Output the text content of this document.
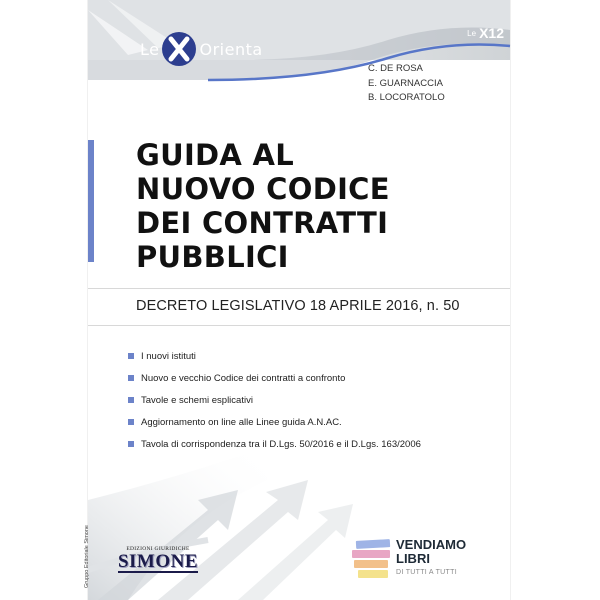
Le	Orienta
Le X12
C. DE ROSA
E. GUARNACCIA
B. LOCORATOLO
GUIDA AL
NUOVO CODICE
DEI CONTRATTI
PUBBLICI
DECRETO LEGISLATIVO 18 APRILE 2016, n. 50
I nuovi istituti
Nuovo e vecchio Codice dei contratti a confronto
Tavole e schemi esplicativi
Aggiornamento on line alle Linee guida A.N.AC.
Tavola di corrispondenza tra il D.Lgs. 50/2016 e il D.Lgs. 163/2006
Gruppo Editoriale Simone	EDIZIONI GIURIDICHE
SIMONE
VENDIAMO
LIBRI
DI TUTTI A TUTTI
